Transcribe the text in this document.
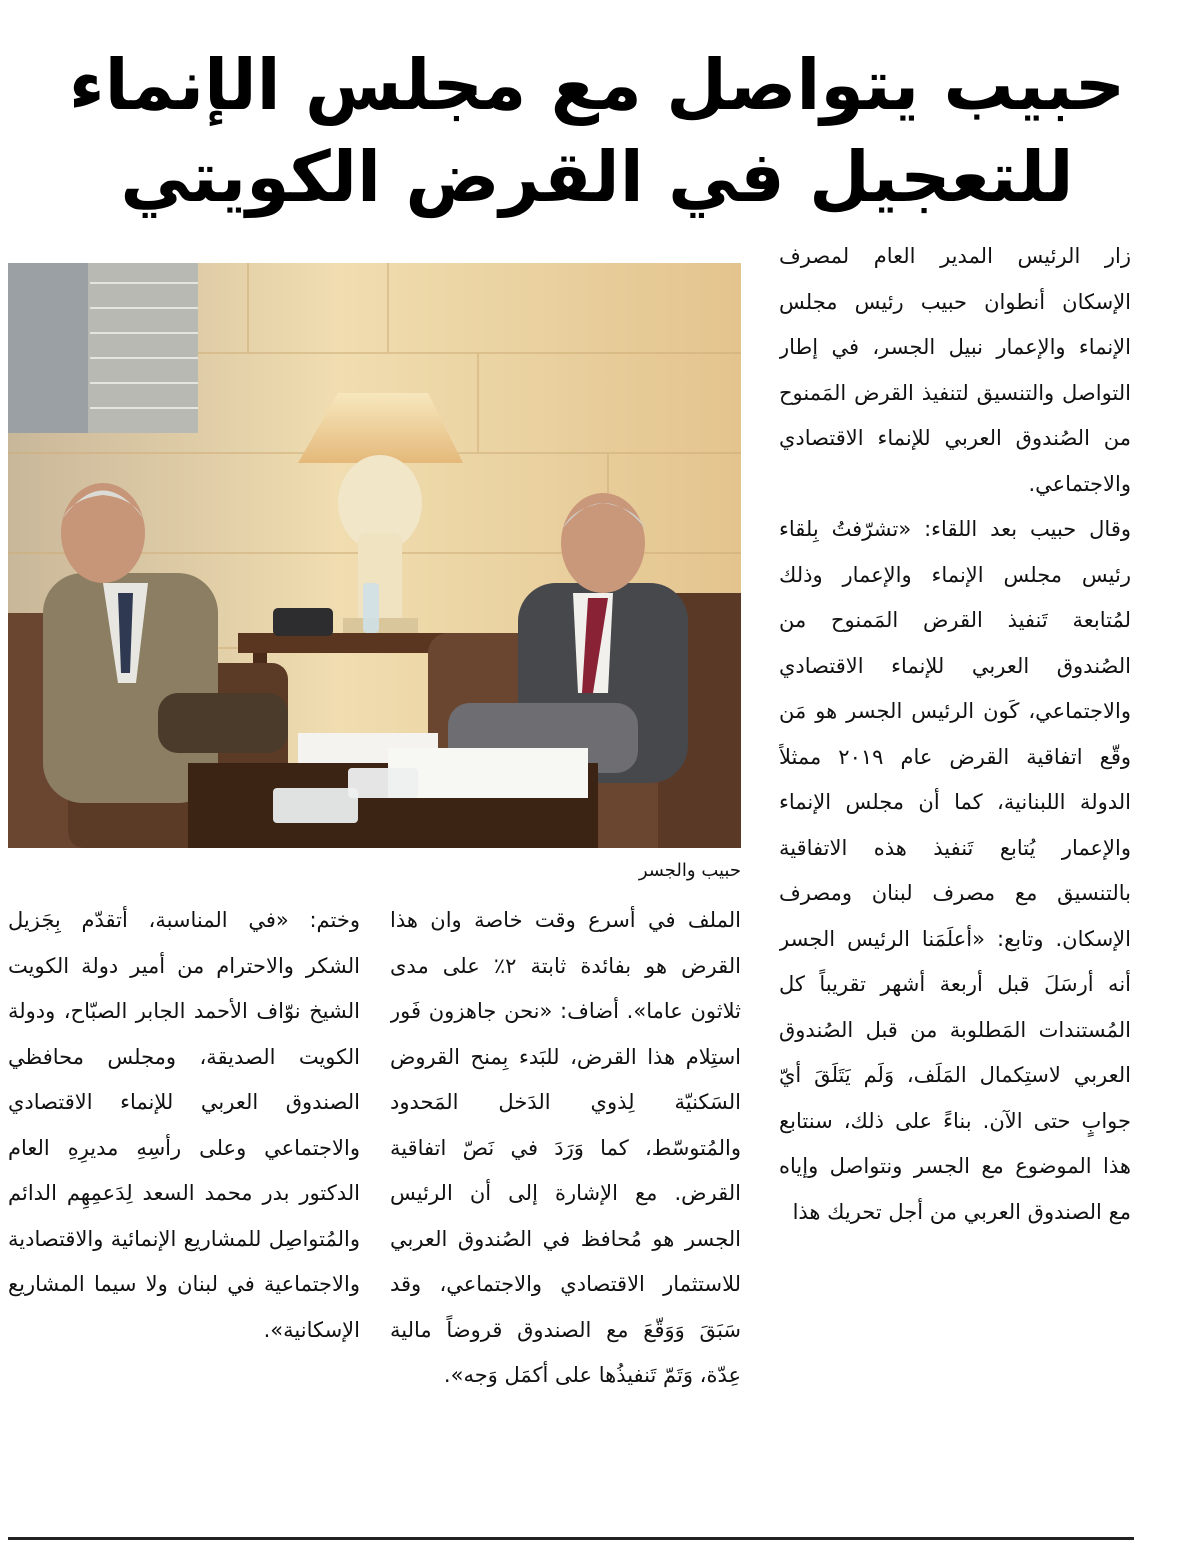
حبيب يتواصل مع مجلس الإنماء
للتعجيل في القرض الكويتي

زار الرئيس المدير العام لمصرف الإسكان أنطوان حبيب رئيس مجلس الإنماء والإعمار نبيل الجسر، في إطار التواصل والتنسيق لتنفيذ القرض المَمنوح من الصُندوق العربي للإنماء الاقتصادي والاجتماعي.

وقال حبيب بعد اللقاء: «تشرّفتُ بِلقاء رئيس مجلس الإنماء والإعمار وذلك لمُتابعة تَنفيذ القرض المَمنوح من الصُندوق العربي للإنماء الاقتصادي والاجتماعي، كَون الرئيس الجسر هو مَن وقّع اتفاقية القرض عام ٢٠١٩ ممثلاً الدولة اللبنانية، كما أن مجلس الإنماء والإعمار يُتابع تَنفيذ هذه الاتفاقية بالتنسيق مع مصرف لبنان ومصرف الإسكان. وتابع: «أعلَمَنا الرئيس الجسر أنه أرسَلَ قبل أربعة أشهر تقريباً كل المُستندات المَطلوبة من قبل الصُندوق العربي لاستِكمال المَلَف، وَلَم يَتَلَقَ أيّ جوابٍ حتى الآن. بناءً على ذلك، سنتابع هذا الموضوع مع الجسر ونتواصل وإياه مع الصندوق العربي من أجل تحريك هذا

حبيب والجسر

الملف في أسرع وقت خاصة وان هذا القرض هو بفائدة ثابتة ٢٪ على مدى ثلاثون عاما». أضاف: «نحن جاهزون فَور استِلام هذا القرض، للبَدء بِمنح القروض السَكنيّة لِذوي الدَخل المَحدود والمُتوسّط، كما وَرَدَ في نَصّ اتفاقية القرض. مع الإشارة إلى أن الرئيس الجسر هو مُحافظ في الصُندوق العربي للاستثمار الاقتصادي والاجتماعي، وقد سَبَقَ وَوَقّعَ مع الصندوق قروضاً مالية عِدّة، وَتَمّ تَنفيذُها على أكمَل وَجه».

وختم: «في المناسبة، أتقدّم بِجَزيل الشكر والاحترام من أمير دولة الكويت الشيخ نوّاف الأحمد الجابر الصبّاح، ودولة الكويت الصديقة، ومجلس محافظي الصندوق العربي للإنماء الاقتصادي والاجتماعي وعلى رأسِهِ مديرِهِ العام الدكتور بدر محمد السعد لِدَعمِهِم الدائم والمُتواصِل للمشاريع الإنمائية والاقتصادية والاجتماعية في لبنان ولا سيما المشاريع الإسكانية».
